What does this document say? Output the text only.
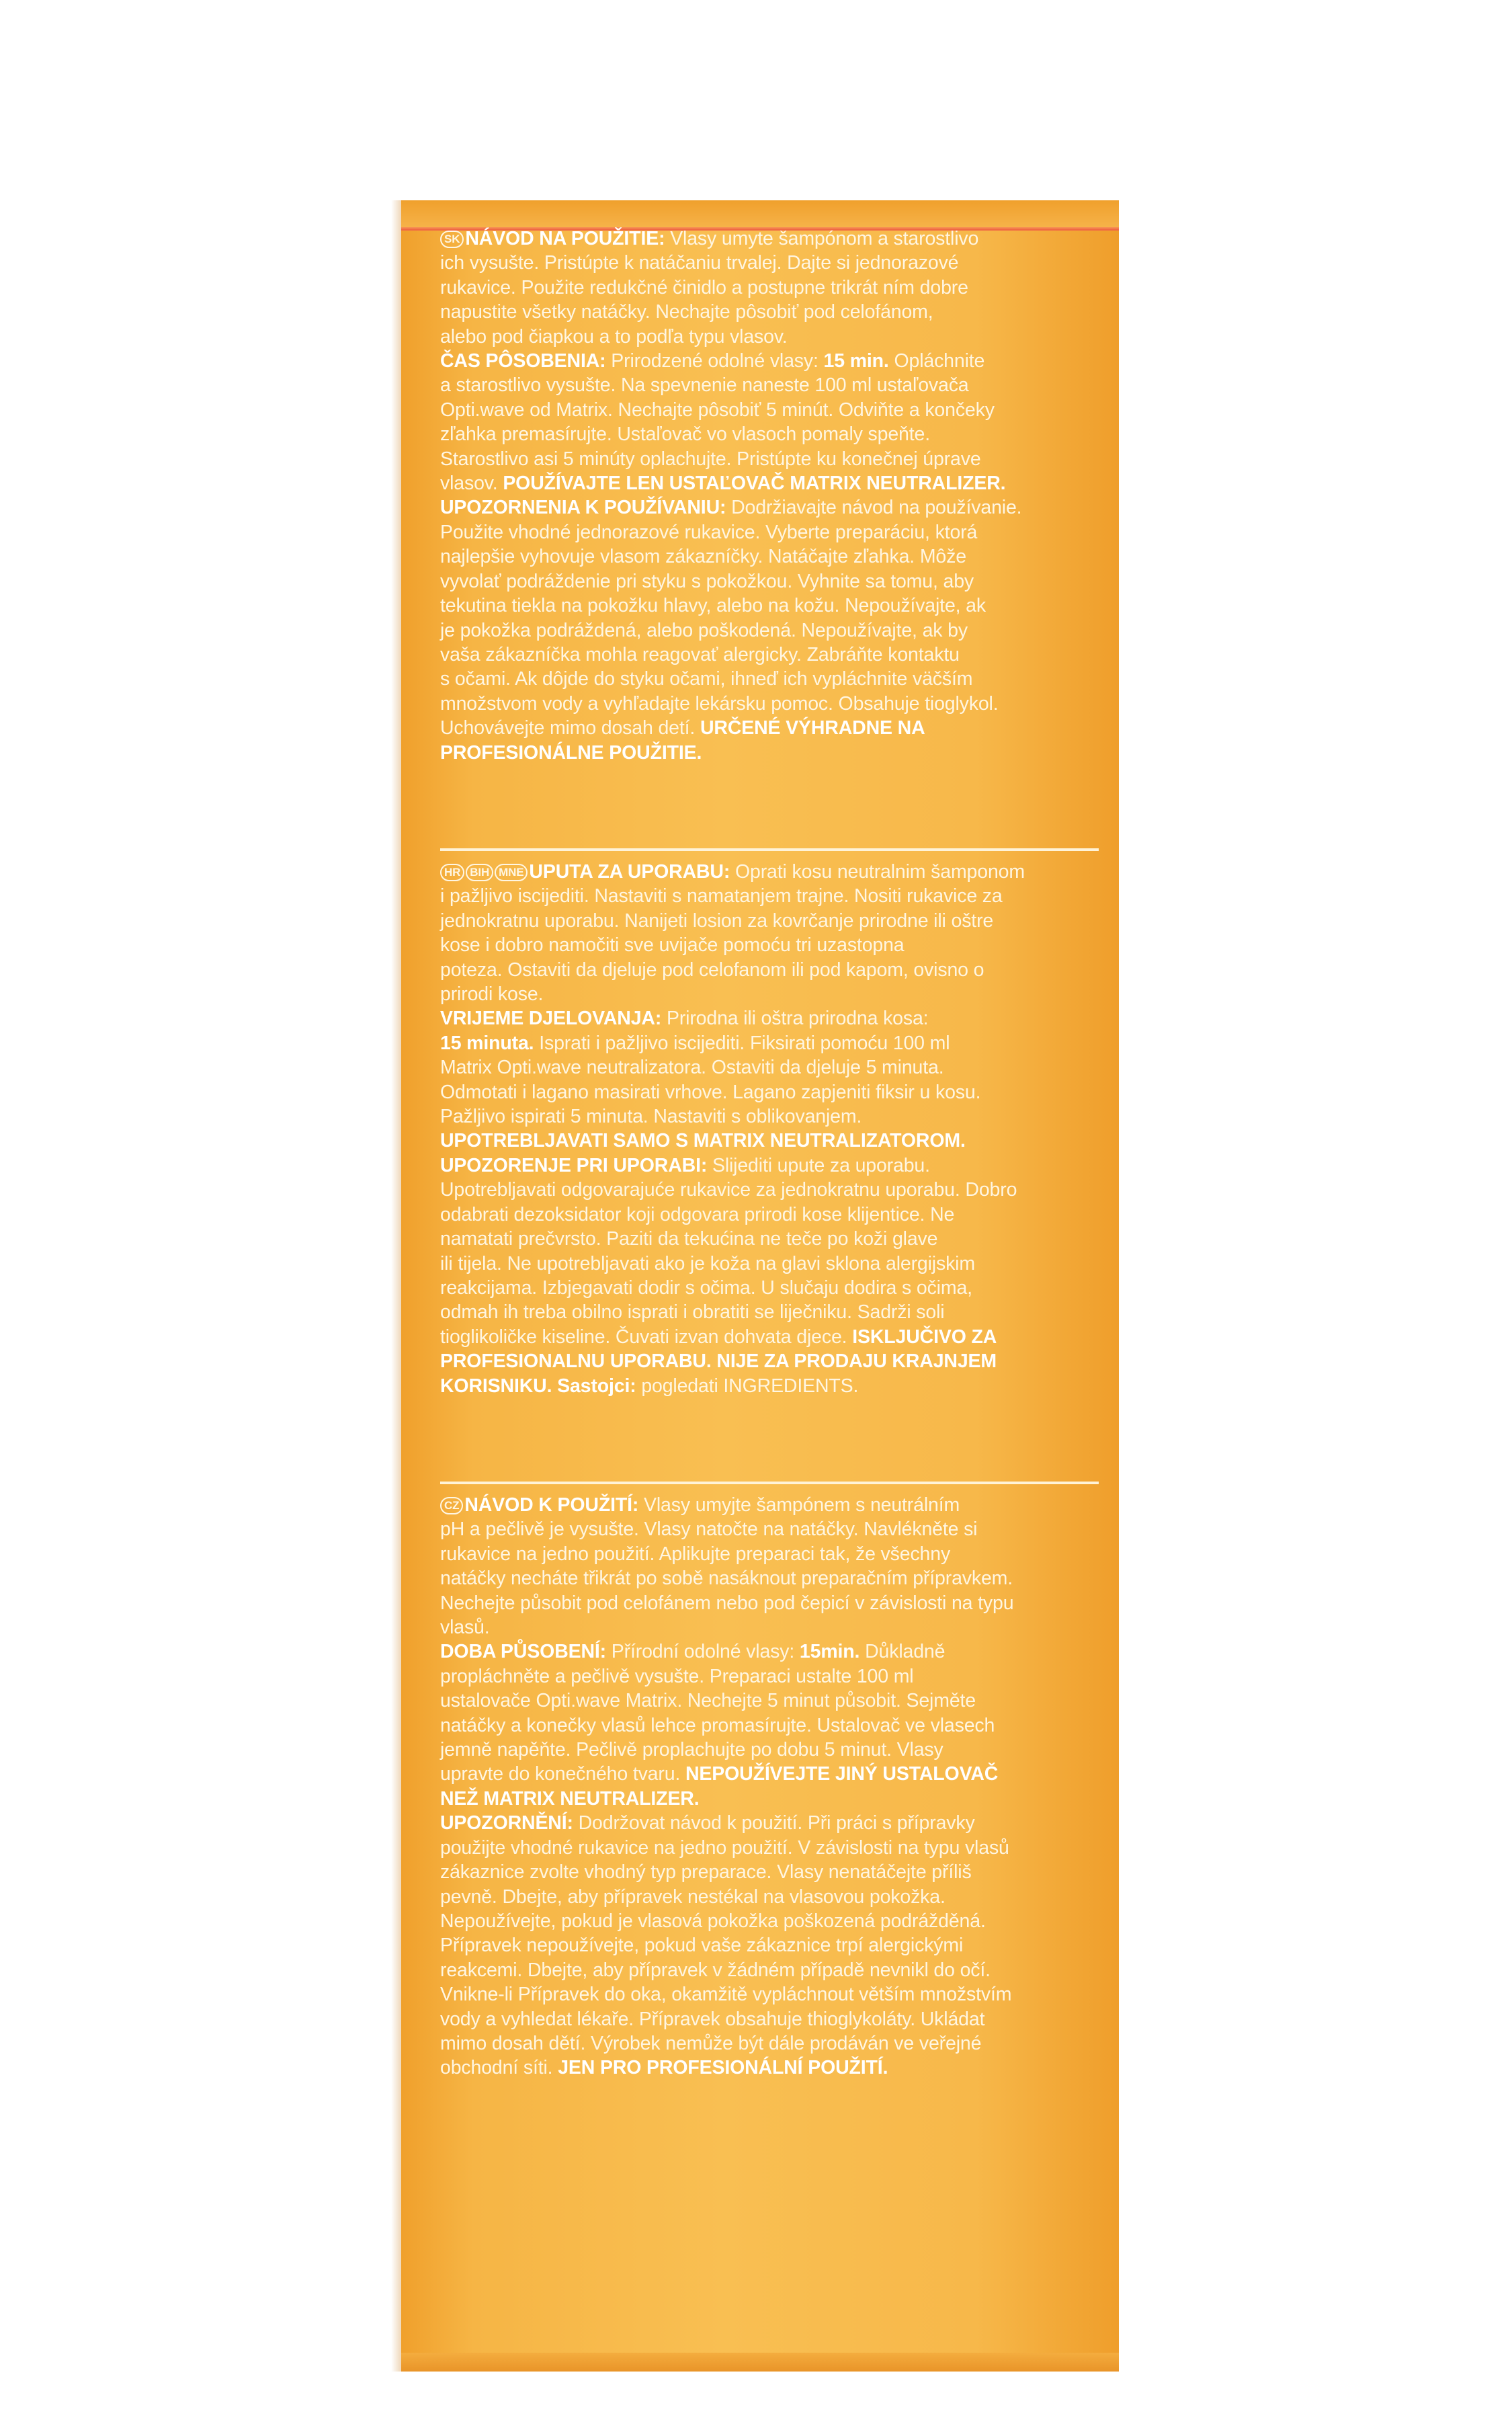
SK NÁVOD NA POUŽITIE: Vlasy umyte šampónom a starostlivo
ich vysušte. Pristúpte k natáčaniu trvalej. Dajte si jednorazové
rukavice. Použite redukčné činidlo a postupne trikrát ním dobre
napustite všetky natáčky. Nechajte pôsobiť pod celofánom,
alebo pod čiapkou a to podľa typu vlasov.
ČAS PÔSOBENIA: Prirodzené odolné vlasy: 15 min. Opláchnite
a starostlivo vysušte. Na spevnenie naneste 100 ml ustaľovača
Opti.wave od Matrix. Nechajte pôsobiť 5 minút. Odviňte a končeky
zľahka premasírujte. Ustaľovač vo vlasoch pomaly speňte.
Starostlivo asi 5 minúty oplachujte. Pristúpte ku konečnej úprave
vlasov. POUŽÍVAJTE LEN USTAĽOVAČ MATRIX NEUTRALIZER.
UPOZORNENIA K POUŽÍVANIU: Dodržiavajte návod na používanie.
Použite vhodné jednorazové rukavice. Vyberte preparáciu, ktorá
najlepšie vyhovuje vlasom zákazníčky. Natáčajte zľahka. Môže
vyvolať podráždenie pri styku s pokožkou. Vyhnite sa tomu, aby
tekutina tiekla na pokožku hlavy, alebo na kožu. Nepoužívajte, ak
je pokožka podráždená, alebo poškodená. Nepoužívajte, ak by
vaša zákazníčka mohla reagovať alergicky. Zabráňte kontaktu
s očami. Ak dôjde do styku očami, ihneď ich vypláchnite väčším
množstvom vody a vyhľadajte lekársku pomoc. Obsahuje tioglykol.
Uchovávejte mimo dosah detí. URČENÉ VÝHRADNE NA
PROFESIONÁLNE POUŽITIE.

HR BIH MNE UPUTA ZA UPORABU: Oprati kosu neutralnim šamponom
i pažljivo isciјediti. Nastaviti s namatanjem trajne. Nositi rukavice za
jednokratnu uporabu. Nanijeti losion za kovrčanje prirodne ili oštre
kose i dobro namočiti sve uvijače pomoću tri uzastopna
poteza. Ostaviti da djeluje pod celofanom ili pod kapom, ovisno o
prirodi kose.
VRIJEME DJELOVANJA: Prirodna ili oštra prirodna kosa:
15 minuta. Isprati i pažljivo iscijediti. Fiksirati pomoću 100 ml
Matrix Opti.wave neutralizatora. Ostaviti da djeluje 5 minuta.
Odmotati i lagano masirati vrhove. Lagano zapjeniti fiksir u kosu.
Pažljivo ispirati 5 minuta. Nastaviti s oblikovanjem.
UPOTREBLJAVATI SAMO S MATRIX NEUTRALIZATOROM.
UPOZORENJE PRI UPORABI: Slijediti upute za uporabu.
Upotrebljavati odgovarajuće rukavice za jednokratnu uporabu. Dobro
odabrati dezoksidator koji odgovara prirodi kose klijentice. Ne
namatati prečvrsto. Paziti da tekućina ne teče po koži glave
ili tijela. Ne upotrebljavati ako je koža na glavi sklona alergijskim
reakcijama. Izbjegavati dodir s očima. U slučaju dodira s očima,
odmah ih treba obilno isprati i obratiti se liječniku. Sadrži soli
tioglikoličke kiseline. Čuvati izvan dohvata djece. ISKLJUČIVO ZA
PROFESIONALNU UPORABU. NIJE ZA PRODAJU KRAJNJEM
KORISNIKU. Sastojci: pogledati INGREDIENTS.

CZ NÁVOD K POUŽITÍ: Vlasy umyjte šampónem s neutrálním
pH a pečlivě je vysušte. Vlasy natočte na natáčky. Navlékněte si
rukavice na jedno použití. Aplikujte preparaci tak, že všechny
natáčky necháte třikrát po sobě nasáknout preparačním přípravkem.
Nechejte působit pod celofánem nebo pod čepicí v závislosti na typu
vlasů.
DOBA PŮSOBENÍ: Přírodní odolné vlasy: 15min. Důkladně
propláchněte a pečlivě vysušte. Preparaci ustalte 100 ml
ustalovače Opti.wave Matrix. Nechejte 5 minut působit. Sejměte
natáčky a konečky vlasů lehce promasírujte. Ustalovač ve vlasech
jemně napěňte. Pečlivě proplachujte po dobu 5 minut. Vlasy
upravte do konečného tvaru. NEPOUŽÍVEJTE JINÝ USTALOVAČ
NEŽ MATRIX NEUTRALIZER.
UPOZORNĚNÍ: Dodržovat návod k použití. Při práci s přípravky
použijte vhodné rukavice na jedno použití. V závislosti na typu vlasů
zákaznice zvolte vhodný typ preparace. Vlasy nenatáčejte příliš
pevně. Dbejte, aby přípravek nestékal na vlasovou pokožka.
Nepoužívejte, pokud je vlasová pokožka poškozená podrážděná.
Přípravek nepoužívejte, pokud vaše zákaznice trpí alergickými
reakcemi. Dbejte, aby přípravek v žádném případě nevnikl do očí.
Vnikne-li Přípravek do oka, okamžitě vypláchnout větším množstvím
vody a vyhledat lékaře. Přípravek obsahuje thioglykoláty. Ukládat
mimo dosah dětí. Výrobek nemůže být dále prodáván ve veřejné
obchodní síti. JEN PRO PROFESIONÁLNÍ POUŽITÍ.
